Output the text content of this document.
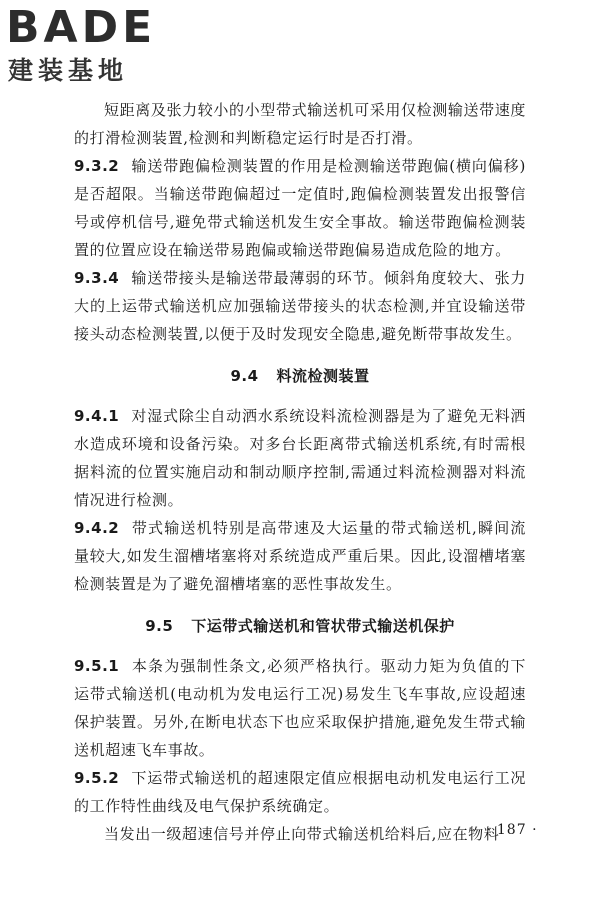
BADE
建装基地

短距离及张力较小的小型带式输送机可采用仅检测输送带速度的打滑检测装置,检测和判断稳定运行时是否打滑。

9.3.2 输送带跑偏检测装置的作用是检测输送带跑偏(横向偏移)是否超限。当输送带跑偏超过一定值时,跑偏检测装置发出报警信号或停机信号,避免带式输送机发生安全事故。输送带跑偏检测装置的位置应设在输送带易跑偏或输送带跑偏易造成危险的地方。

9.3.4 输送带接头是输送带最薄弱的环节。倾斜角度较大、张力大的上运带式输送机应加强输送带接头的状态检测,并宜设输送带接头动态检测装置,以便于及时发现安全隐患,避免断带事故发生。

9.4 料流检测装置

9.4.1 对湿式除尘自动洒水系统设料流检测器是为了避免无料洒水造成环境和设备污染。对多台长距离带式输送机系统,有时需根据料流的位置实施启动和制动顺序控制,需通过料流检测器对料流情况进行检测。

9.4.2 带式输送机特别是高带速及大运量的带式输送机,瞬间流量较大,如发生溜槽堵塞将对系统造成严重后果。因此,设溜槽堵塞检测装置是为了避免溜槽堵塞的恶性事故发生。

9.5 下运带式输送机和管状带式输送机保护

9.5.1 本条为强制性条文,必须严格执行。驱动力矩为负值的下运带式输送机(电动机为发电运行工况)易发生飞车事故,应设超速保护装置。另外,在断电状态下也应采取保护措施,避免发生带式输送机超速飞车事故。

9.5.2 下运带式输送机的超速限定值应根据电动机发电运行工况的工作特性曲线及电气保护系统确定。

当发出一级超速信号并停止向带式输送机给料后,应在物料

· 187 ·
